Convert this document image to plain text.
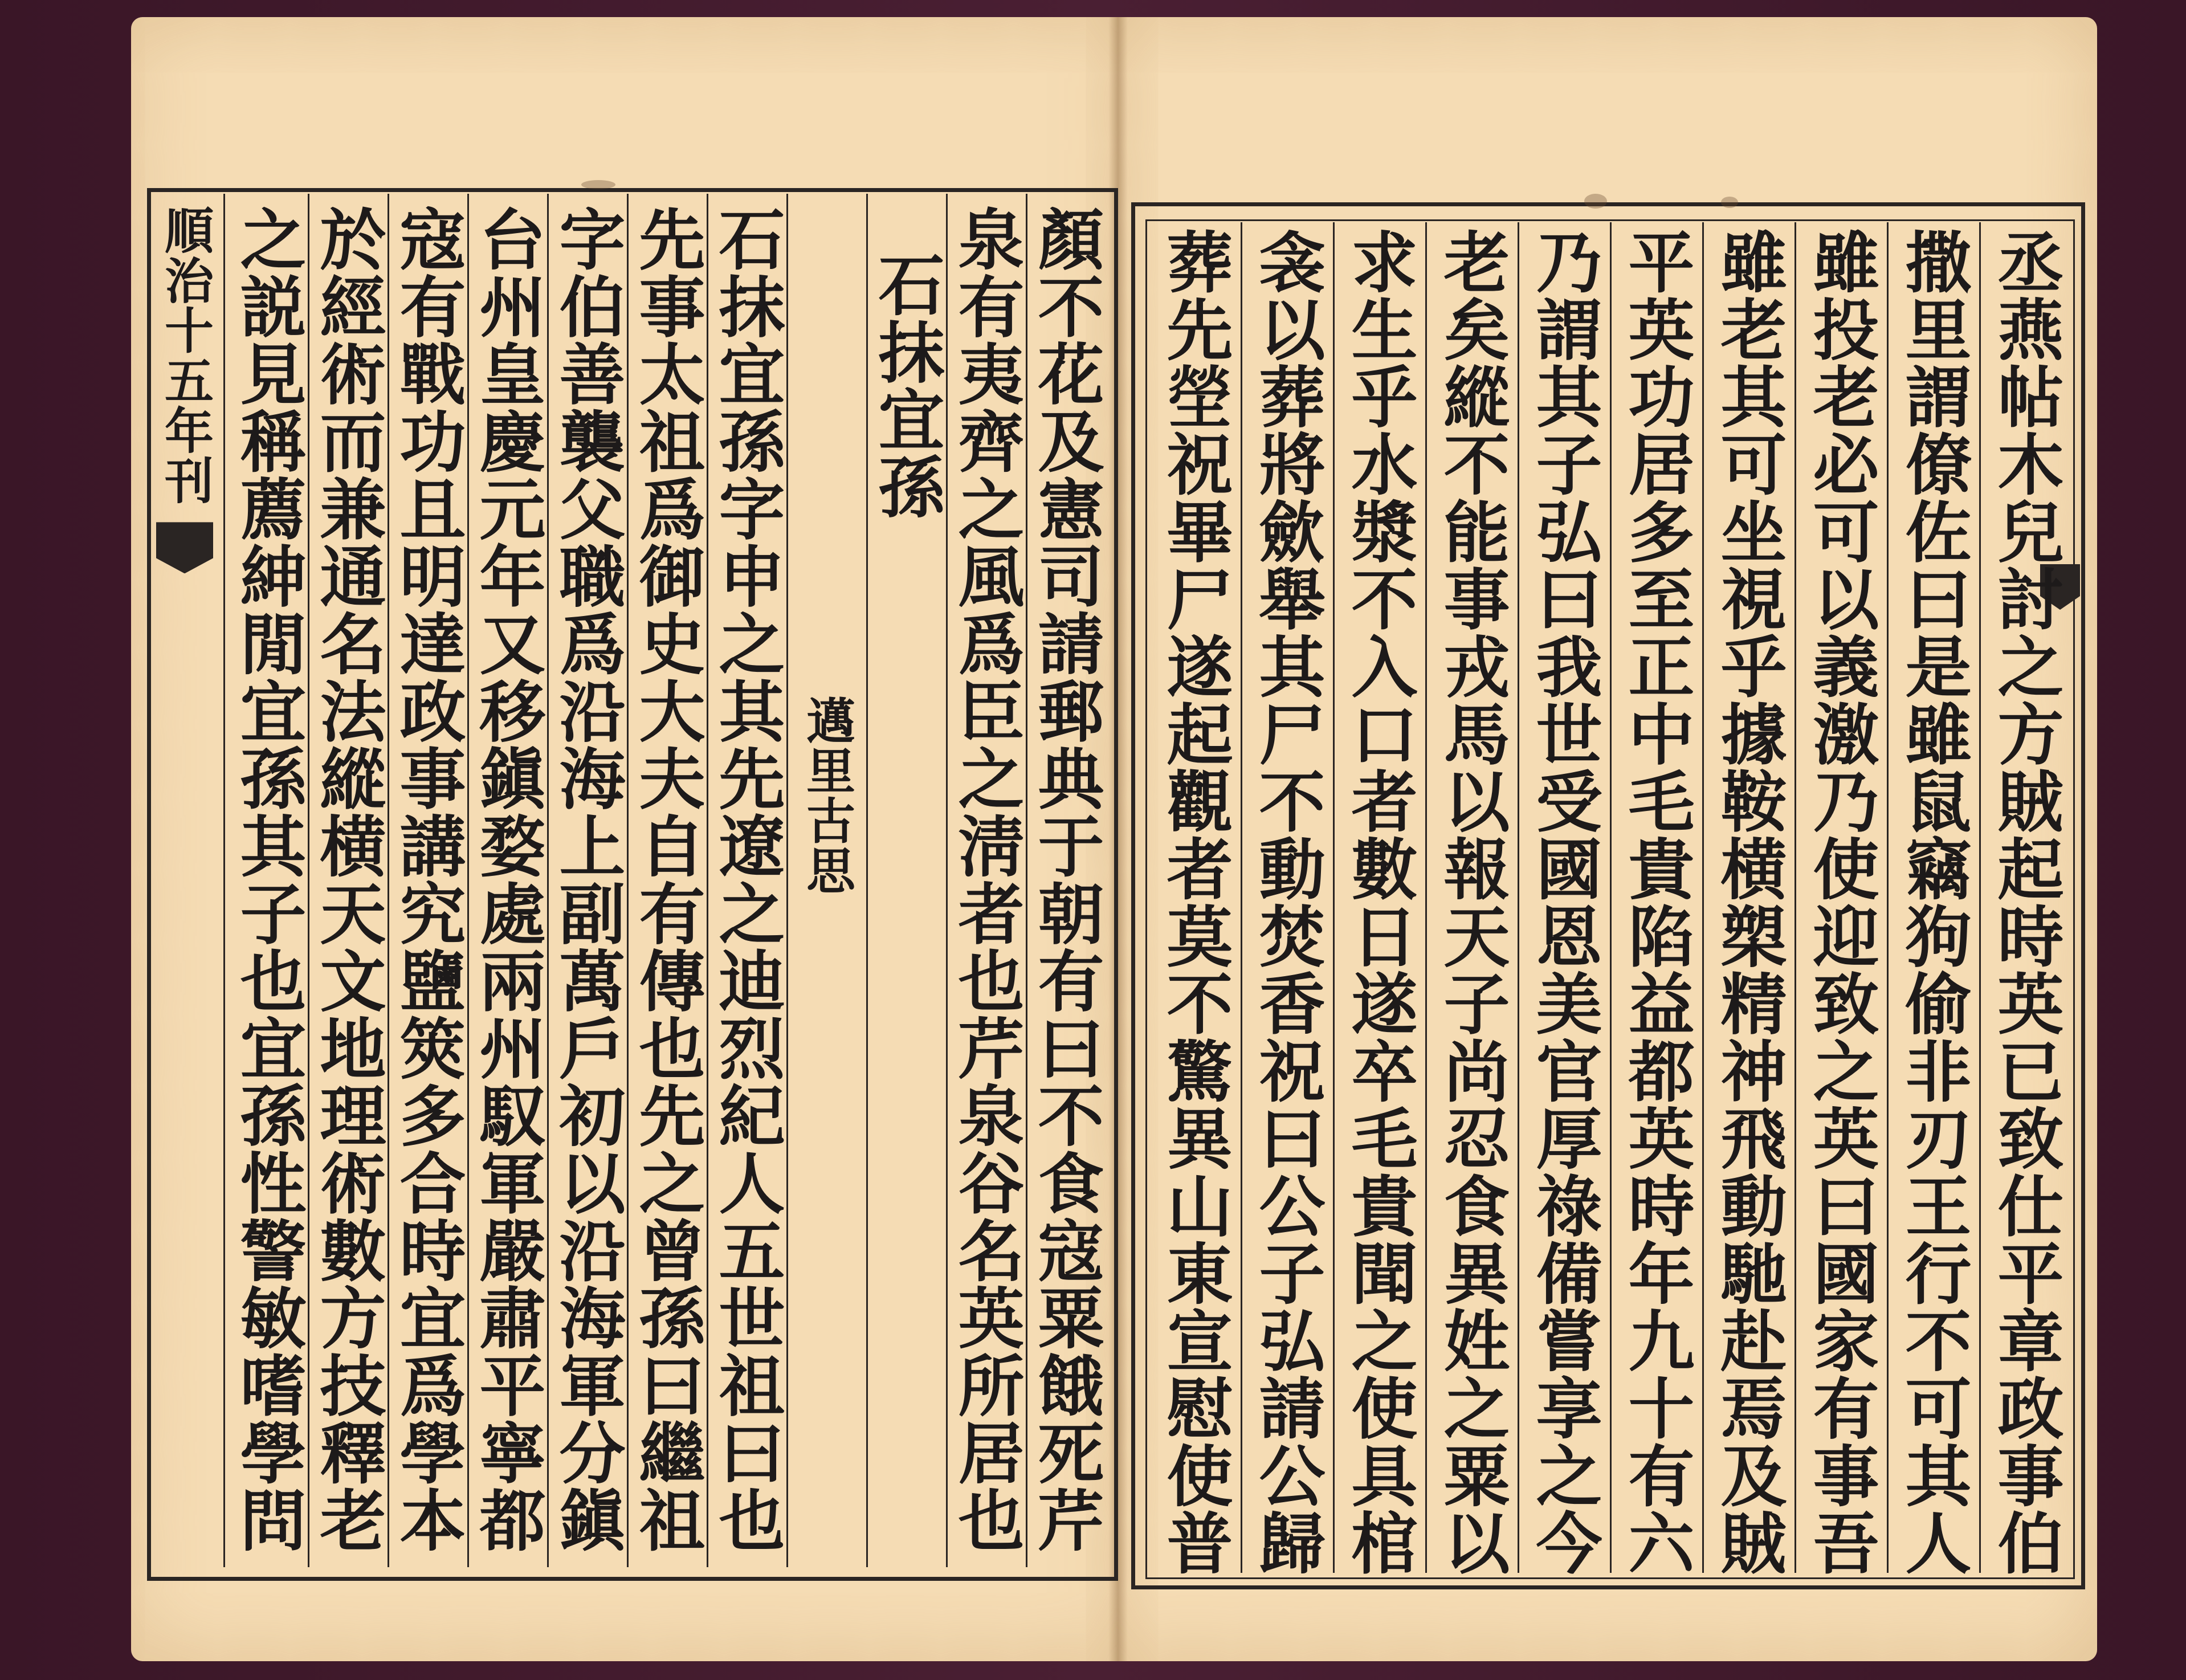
順治十五年刊	顏不花及憲司請郵典于朝有曰不食寇粟餓死芹
泉有夷齊之風爲臣之淸者也芹泉谷名英所居也
石抹宜孫
邁里古思
石抹宜孫字申之其先遼之迪烈紀人五世祖曰也
先事太祖爲御史大夫自有傳也先之曾孫曰繼祖
字伯善襲父職爲沿海上副萬戶初以沿海軍分鎭
台州皇慶元年又移鎭婺處兩州馭軍嚴肅平寧都
寇有戰功且明達政事講究鹽筴多合時宜爲學本
於經術而兼通名法縱横天文地理術數方技釋老
之説見稱薦紳閒宜孫其子也宜孫性警敏嗜學問	丞燕帖木兒討之方賊起時英已致仕平章政事伯
撒里謂僚佐曰是雖鼠竊狗偷非刃王行不可其人
雖投老必可以義激乃使迎致之英曰國家有事吾
雖老其可坐視乎據鞍横槊精神飛動馳赴焉及賊
平英功居多至正中毛貴陷益都英時年九十有六
乃謂其子弘曰我世受國恩美官厚祿備嘗享之今
老矣縱不能事戎馬以報天子尚忍食異姓之粟以
求生乎水漿不入口者數日遂卒毛貴聞之使具棺
衾以葬將歛舉其尸不動焚香祝曰公子弘請公歸
葬先塋祝畢尸遂起觀者莫不驚異山東宣慰使普
